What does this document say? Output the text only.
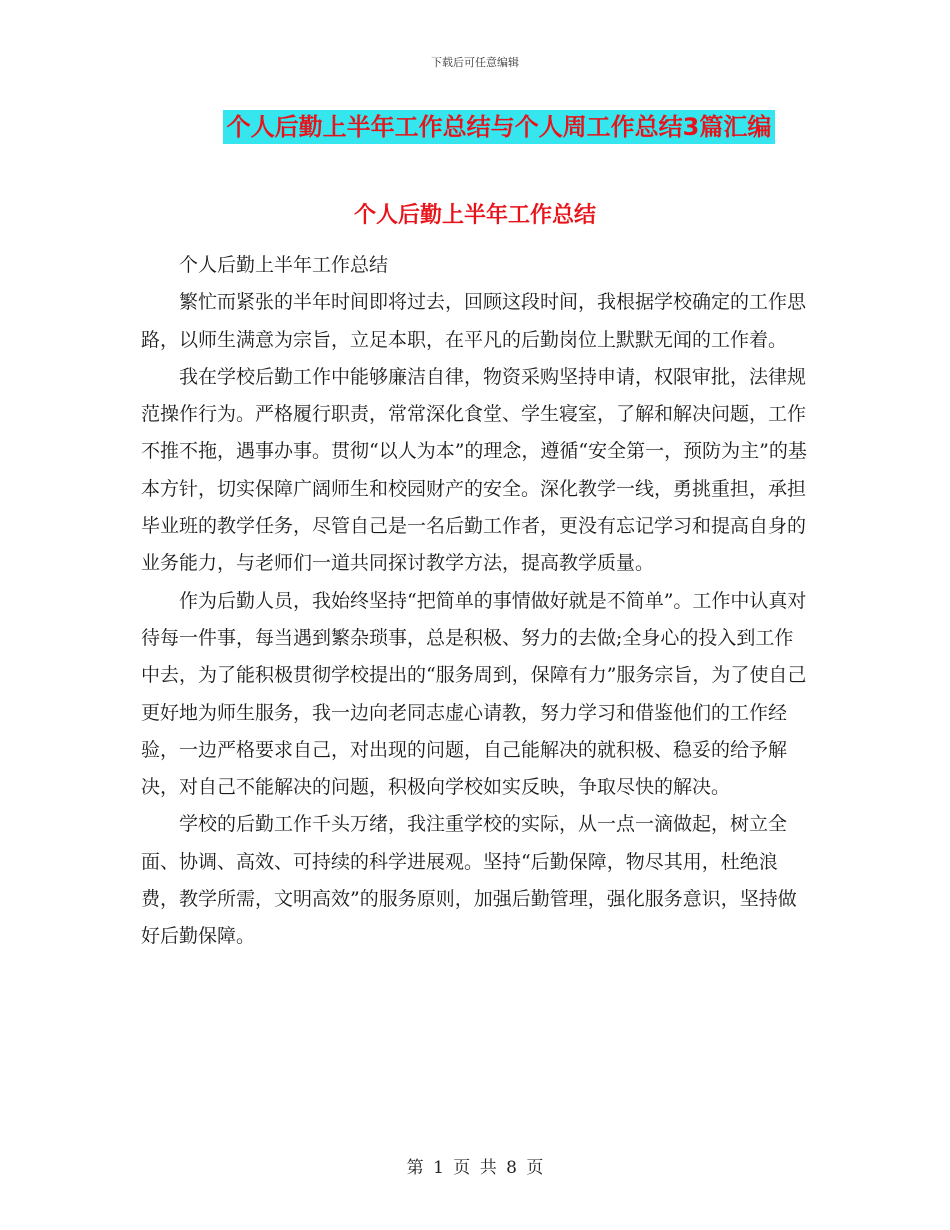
下载后可任意编辑
个人后勤上半年工作总结与个人周工作总结3篇汇编
个人后勤上半年工作总结

个人后勤上半年工作总结

繁忙而紧张的半年时间即将过去，回顾这段时间，我根据学校确定的工作思路，以师生满意为宗旨，立足本职，在平凡的后勤岗位上默默无闻的工作着。

我在学校后勤工作中能够廉洁自律，物资采购坚持申请，权限审批，法律规范操作行为。严格履行职责，常常深化食堂、学生寝室，了解和解决问题，工作不推不拖，遇事办事。贯彻“以人为本”的理念，遵循“安全第一，预防为主”的基本方针，切实保障广阔师生和校园财产的安全。深化教学一线，勇挑重担，承担毕业班的教学任务，尽管自己是一名后勤工作者，更没有忘记学习和提高自身的业务能力，与老师们一道共同探讨教学方法，提高教学质量。

作为后勤人员，我始终坚持“把简单的事情做好就是不简单”。工作中认真对待每一件事，每当遇到繁杂琐事，总是积极、努力的去做;全身心的投入到工作中去，为了能积极贯彻学校提出的“服务周到，保障有力”服务宗旨，为了使自己更好地为师生服务，我一边向老同志虚心请教，努力学习和借鉴他们的工作经验，一边严格要求自己，对出现的问题，自己能解决的就积极、稳妥的给予解决，对自己不能解决的问题，积极向学校如实反映，争取尽快的解决。

学校的后勤工作千头万绪，我注重学校的实际，从一点一滴做起，树立全面、协调、高效、可持续的科学进展观。坚持“后勤保障，物尽其用，杜绝浪费，教学所需，文明高效”的服务原则，加强后勤管理，强化服务意识，坚持做好后勤保障。

第 1 页 共 8 页
